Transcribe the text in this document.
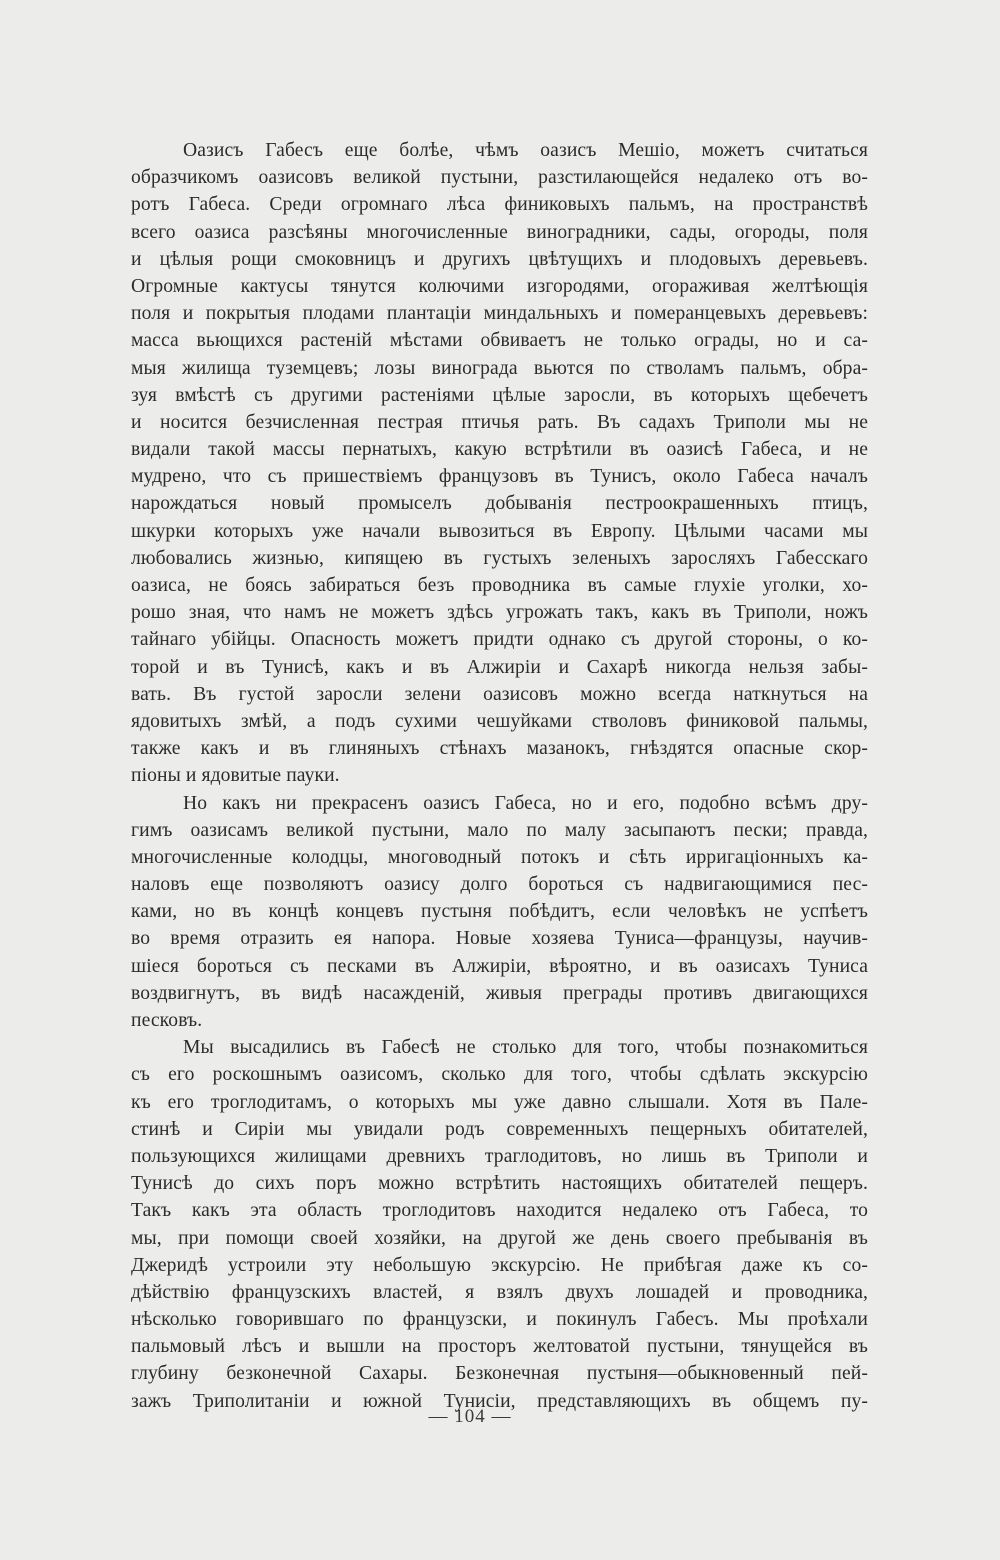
Оазисъ Габесъ еще болѣе, чѣмъ оазисъ Мешіо, можетъ считаться
образчикомъ оазисовъ великой пустыни, разстилающейся недалеко отъ во-
ротъ Габеса. Среди огромнаго лѣса финиковыхъ пальмъ, на пространствѣ
всего оазиса разсѣяны многочисленные виноградники, сады, огороды, поля
и цѣлыя рощи смоковницъ и другихъ цвѣтущихъ и плодовыхъ деревьевъ.
Огромные кактусы тянутся колючими изгородями, огораживая желтѣющія
поля и покрытыя плодами плантаціи миндальныхъ и померанцевыхъ деревьевъ:
масса вьющихся растеній мѣстами обвиваетъ не только ограды, но и са-
мыя жилища туземцевъ; лозы винограда вьются по стволамъ пальмъ, обра-
зуя вмѣстѣ съ другими растеніями цѣлые заросли, въ которыхъ щебечетъ
и носится безчисленная пестрая птичья рать. Въ садахъ Триполи мы не
видали такой массы пернатыхъ, какую встрѣтили въ оазисѣ Габеса, и не
мудрено, что съ пришествіемъ французовъ въ Тунисъ, около Габеса началъ
нарождаться новый промыселъ добыванія пестроокрашенныхъ птицъ,
шкурки которыхъ уже начали вывозиться въ Европу. Цѣлыми часами мы
любовались жизнью, кипящею въ густыхъ зеленыхъ заросляхъ Габесскаго
оазиса, не боясь забираться безъ проводника въ самые глухіе уголки, хо-
рошо зная, что намъ не можетъ здѣсь угрожать такъ, какъ въ Триполи, ножъ
тайнаго убійцы. Опасность можетъ придти однако съ другой стороны, о ко-
торой и въ Тунисѣ, какъ и въ Алжиріи и Сахарѣ никогда нельзя забы-
вать. Въ густой заросли зелени оазисовъ можно всегда наткнуться на
ядовитыхъ змѣй, а подъ сухими чешуйками стволовъ финиковой пальмы,
также какъ и въ глиняныхъ стѣнахъ мазанокъ, гнѣздятся опасные скор-
піоны и ядовитые пауки.
Но какъ ни прекрасенъ оазисъ Габеса, но и его, подобно всѣмъ дру-
гимъ оазисамъ великой пустыни, мало по малу засыпаютъ пески; правда,
многочисленные колодцы, многоводный потокъ и сѣть ирригаціонныхъ ка-
наловъ еще позволяютъ оазису долго бороться съ надвигающимися пес-
ками, но въ концѣ концевъ пустыня побѣдитъ, если человѣкъ не успѣетъ
во время отразить ея напора. Новые хозяева Туниса—французы, научив-
шіеся бороться съ песками въ Алжиріи, вѣроятно, и въ оазисахъ Туниса
воздвигнутъ, въ видѣ насажденій, живыя преграды противъ двигающихся
песковъ.
Мы высадились въ Габесѣ не столько для того, чтобы познакомиться
съ его роскошнымъ оазисомъ, сколько для того, чтобы сдѣлать экскурсію
къ его троглодитамъ, о которыхъ мы уже давно слышали. Хотя въ Пале-
стинѣ и Сиріи мы увидали родъ современныхъ пещерныхъ обитателей,
пользующихся жилищами древнихъ траглодитовъ, но лишь въ Триполи и
Тунисѣ до сихъ поръ можно встрѣтить настоящихъ обитателей пещеръ.
Такъ какъ эта область троглодитовъ находится недалеко отъ Габеса, то
мы, при помощи своей хозяйки, на другой же день своего пребыванія въ
Джеридѣ устроили эту небольшую экскурсію. Не прибѣгая даже къ со-
дѣйствію французскихъ властей, я взялъ двухъ лошадей и проводника,
нѣсколько говорившаго по французски, и покинулъ Габесъ. Мы проѣхали
пальмовый лѣсъ и вышли на просторъ желтоватой пустыни, тянущейся въ
глубину безконечной Сахары. Безконечная пустыня—обыкновенный пей-
зажъ Триполитаніи и южной Тунисіи, представляющихъ въ общемъ пу-
— 104 —
